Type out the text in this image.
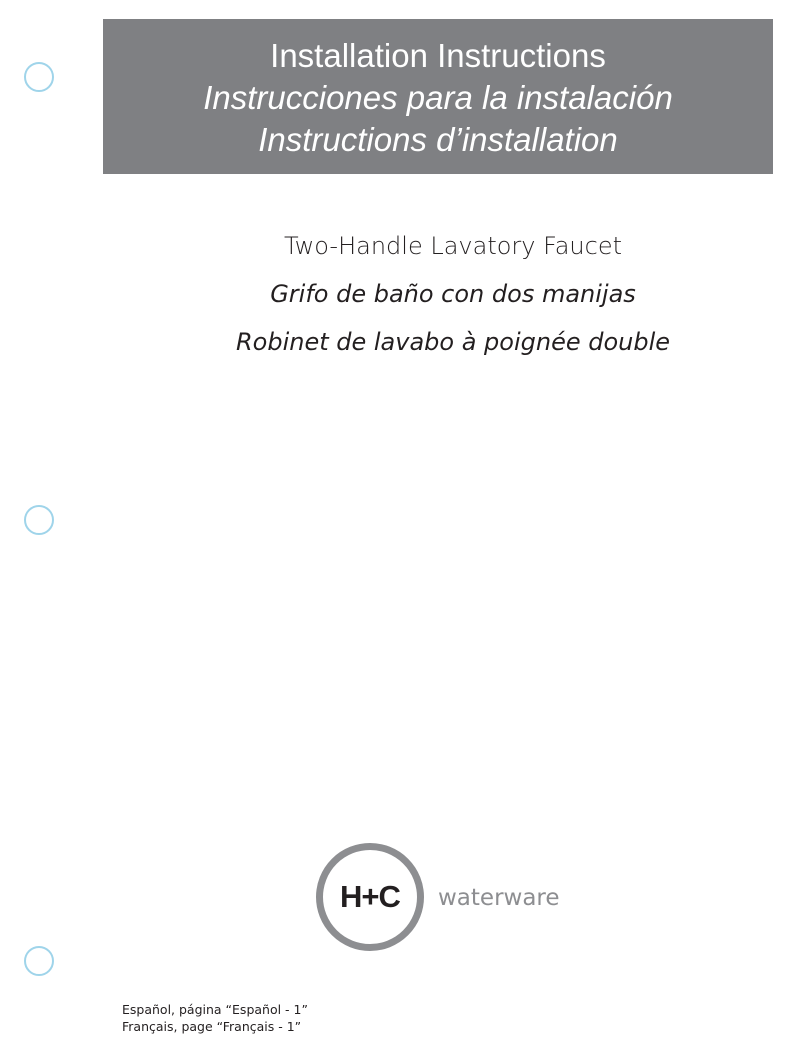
Installation Instructions
Instrucciones para la instalación
Instructions d’installation
Two-Handle Lavatory Faucet
Grifo de baño con dos manijas
Robinet de lavabo à poignée double
H+C	waterware
Español, página “Español - 1”
Français, page “Français - 1”
